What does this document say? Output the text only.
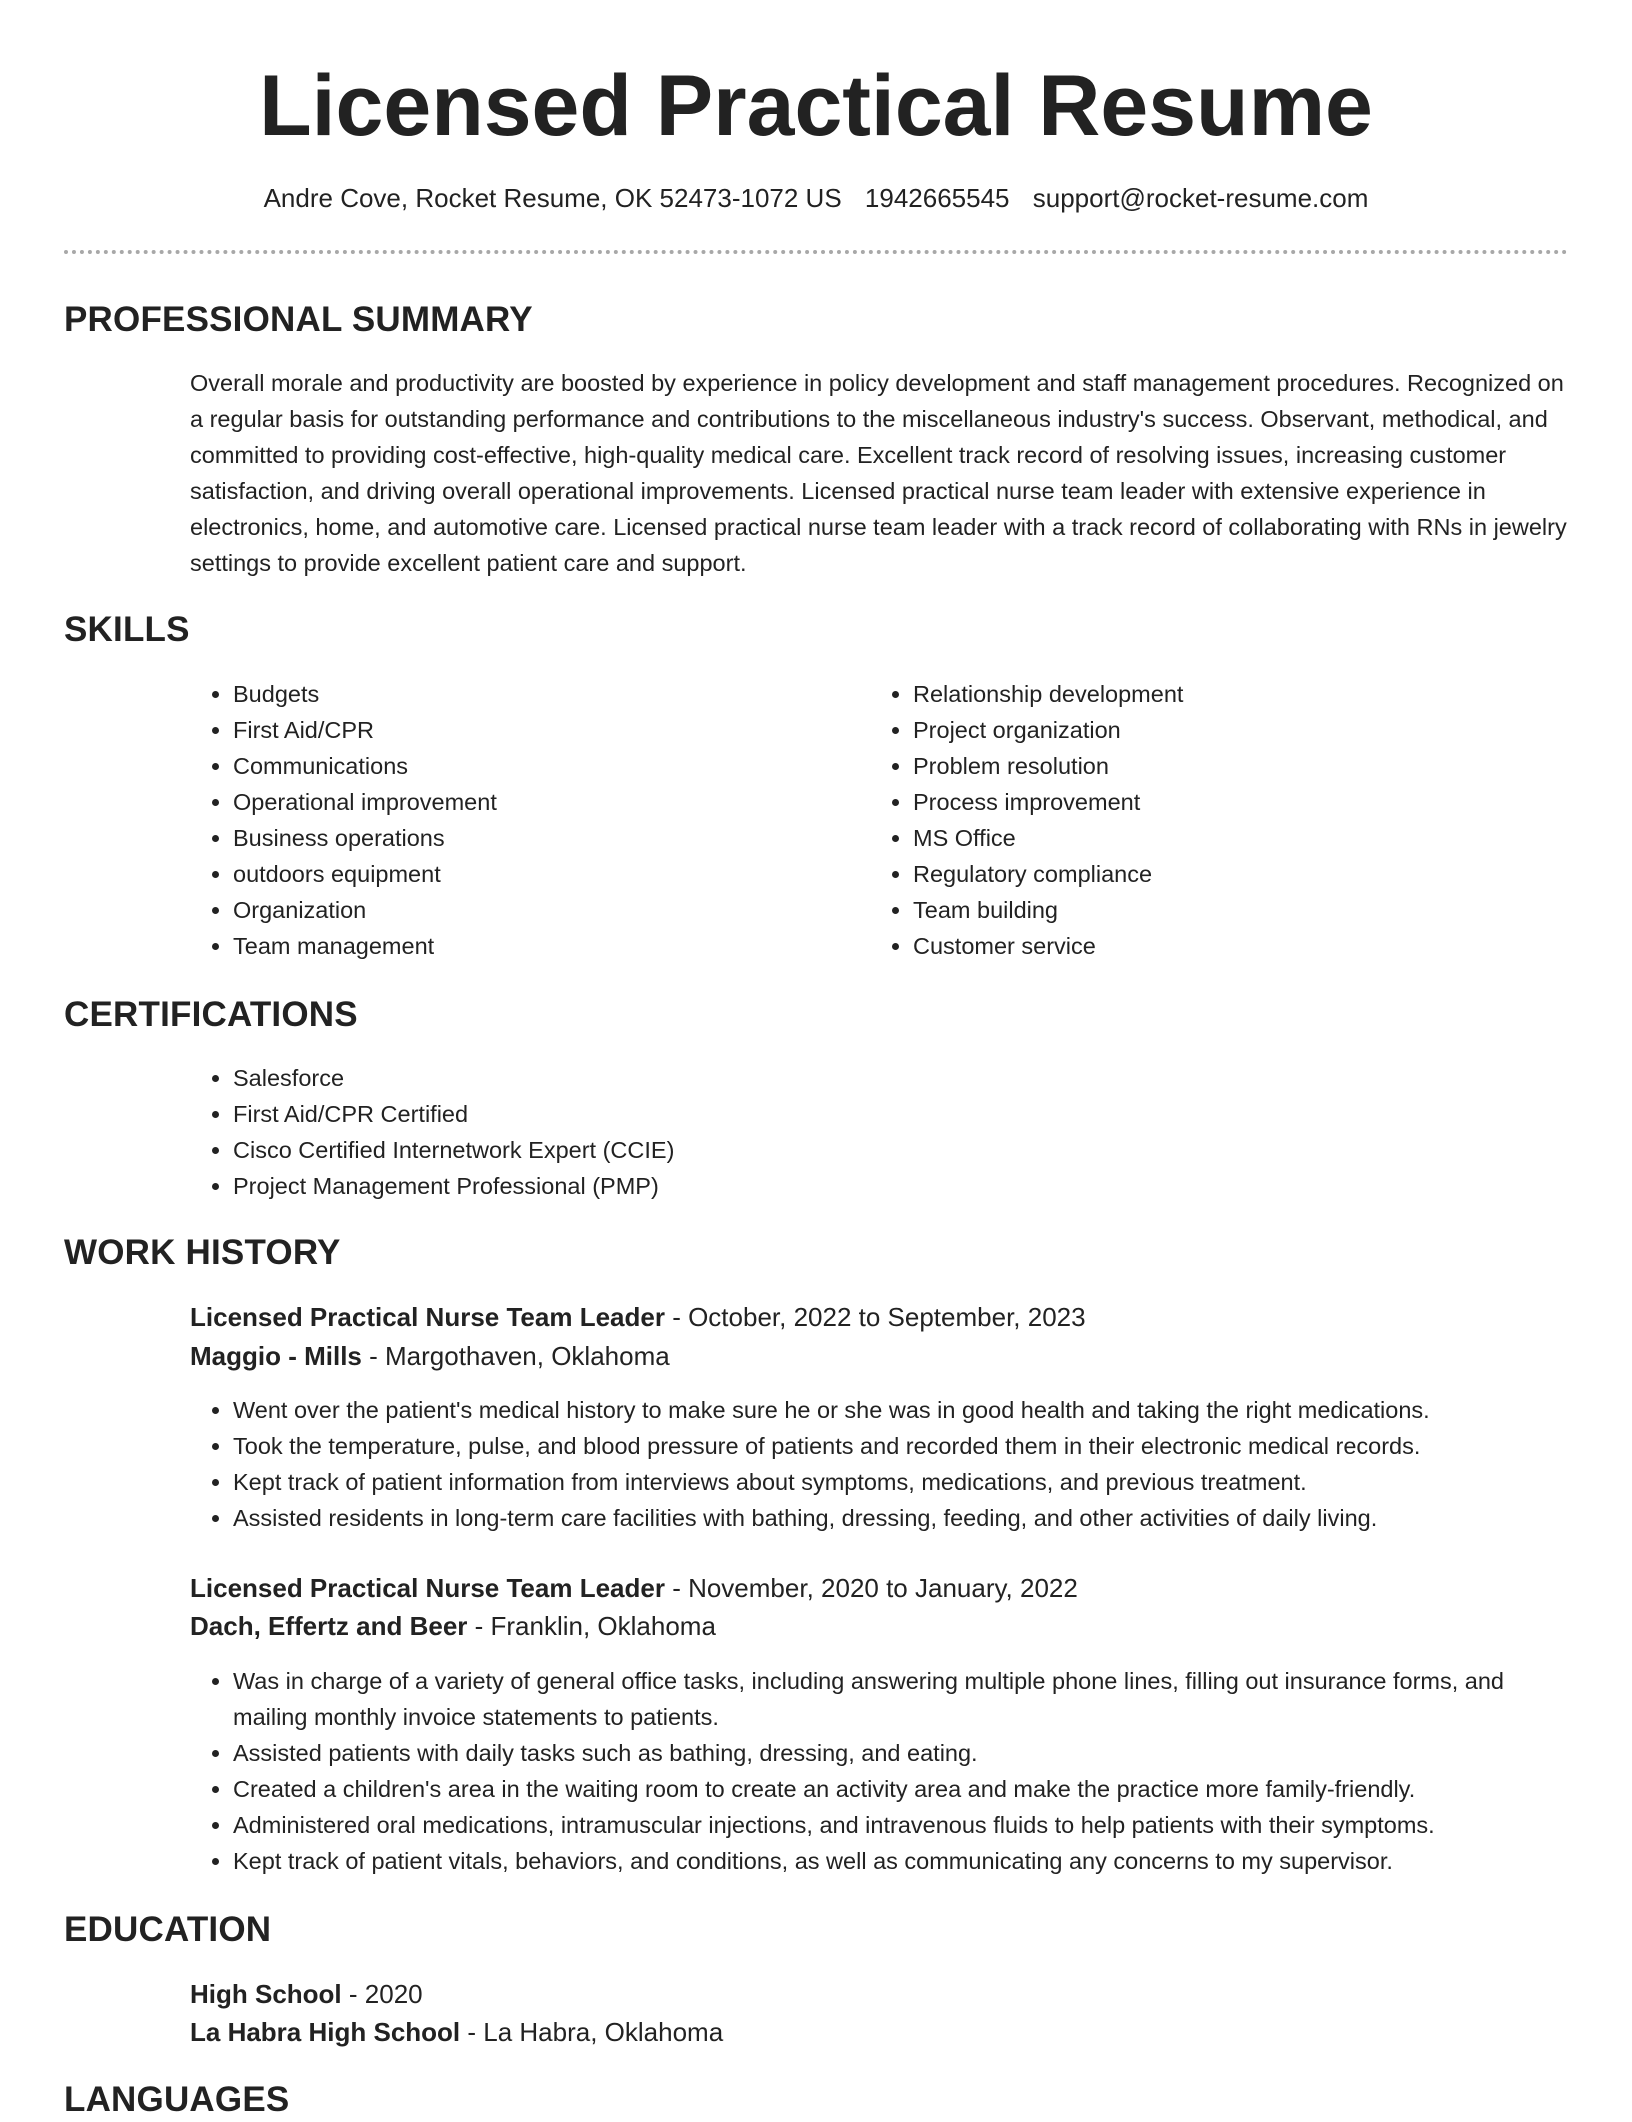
Licensed Practical Resume

Andre Cove, Rocket Resume, OK 52473-1072 US 1942665545 support@rocket-resume.com

PROFESSIONAL SUMMARY

Overall morale and productivity are boosted by experience in policy development and staff management procedures. Recognized on a regular basis for outstanding performance and contributions to the miscellaneous industry's success. Observant, methodical, and committed to providing cost-effective, high-quality medical care. Excellent track record of resolving issues, increasing customer satisfaction, and driving overall operational improvements. Licensed practical nurse team leader with extensive experience in electronics, home, and automotive care. Licensed practical nurse team leader with a track record of collaborating with RNs in jewelry settings to provide excellent patient care and support.

SKILLS
• Budgets
• First Aid/CPR
• Communications
• Operational improvement
• Business operations
• outdoors equipment
• Organization
• Team management
• Relationship development
• Project organization
• Problem resolution
• Process improvement
• MS Office
• Regulatory compliance
• Team building
• Customer service
CERTIFICATIONS
• Salesforce
• First Aid/CPR Certified
• Cisco Certified Internetwork Expert (CCIE)
• Project Management Professional (PMP)
WORK HISTORY

Licensed Practical Nurse Team Leader - October, 2022 to September, 2023

Maggio - Mills - Margothaven, Oklahoma

• Went over the patient's medical history to make sure he or she was in good health and taking the right medications.
• Took the temperature, pulse, and blood pressure of patients and recorded them in their electronic medical records.
• Kept track of patient information from interviews about symptoms, medications, and previous treatment.
• Assisted residents in long-term care facilities with bathing, dressing, feeding, and other activities of daily living.

Licensed Practical Nurse Team Leader - November, 2020 to January, 2022

Dach, Effertz and Beer - Franklin, Oklahoma

• Was in charge of a variety of general office tasks, including answering multiple phone lines, filling out insurance forms, and mailing monthly invoice statements to patients.
• Assisted patients with daily tasks such as bathing, dressing, and eating.
• Created a children's area in the waiting room to create an activity area and make the practice more family-friendly.
• Administered oral medications, intramuscular injections, and intravenous fluids to help patients with their symptoms.
• Kept track of patient vitals, behaviors, and conditions, as well as communicating any concerns to my supervisor.
EDUCATION

High School - 2020

La Habra High School - La Habra, Oklahoma

LANGUAGES
